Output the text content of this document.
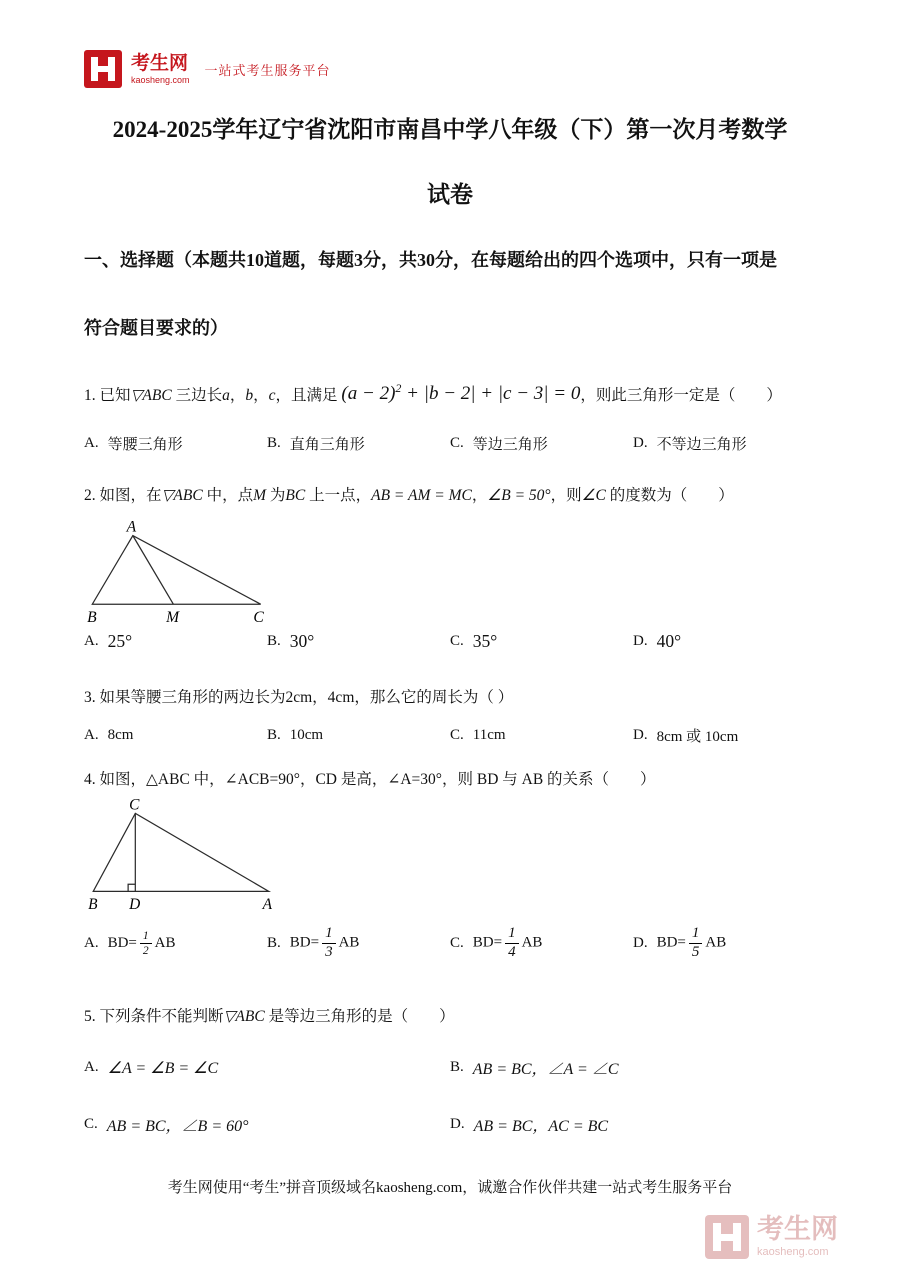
考生网
kaosheng.com
一站式考生服务平台
2024-2025学年辽宁省沈阳市南昌中学八年级（下）第一次月考数学
试卷
一、选择题（本题共10道题，每题3分，共30分，在每题给出的四个选项中，只有一项是
符合题目要求的）
1. 已知▽ABC 三边长a，b，c，且满足 $(a - 2)^2 + |b - 2| + |c - 3| = 0$，则此三角形一定是（　　）
A. 等腰三角形	B. 直角三角形	C. 等边三角形	D. 不等边三角形
2. 如图，在▽ABC 中，点M 为BC 上一点，AB = AM = MC，∠B = 50°，则∠C 的度数为（　　）
A
B	M	C
A. 25°	B. 30°	C. 35°	D. 40°
3. 如果等腰三角形的两边长为2cm，4cm，那么它的周长为（ ）
A. 8cm	B. 10cm	C. 11cm	D. 8cm 或 10cm
4. 如图，△ABC 中，∠ACB=90°，CD 是高，∠A=30°，则 BD 与 AB 的关系（　　）
C
B D	A
A. $BD= \frac{1}{2}$ AB	B. $BD= \frac{1}{3}$ AB	C. $BD= \frac{1}{4}$ AB	D. $BD= \frac{1}{5}$ AB
5. 下列条件不能判断▽ABC 是等边三角形的是（　　）
A. ∠A = ∠B = ∠C	B. AB = BC，∠A = ∠C
C. AB = BC，∠B = 60°	D. AB = BC，AC = BC
考生网使用“考生”拼音顶级域名kaosheng.com，诚邀合作伙伴共建一站式考生服务平台
考生网
kaosheng.com
